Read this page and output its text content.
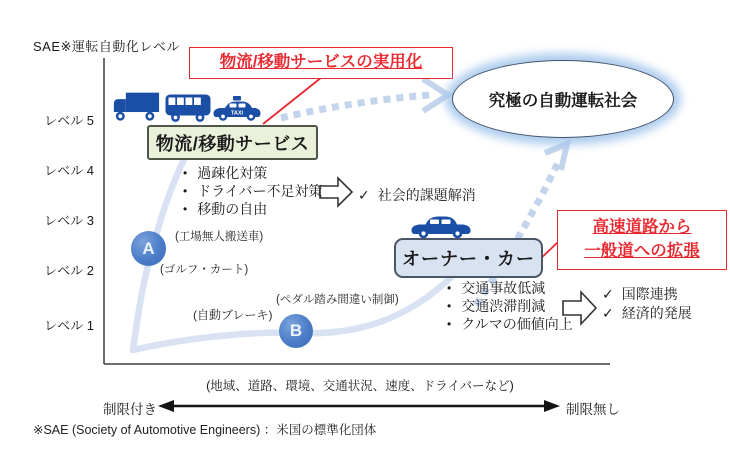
SAE※運転自動化レベル
レベル 5
レベル 4
レベル 3
レベル 2
レベル 1
TAXI
物流/移動サービスの実用化
究極の自動運転社会
物流/移動サービス
• 過疎化対策
• ドライバー不足対策
• 移動の自由
✓ 社会的課題解消
(工場無人搬送車)
A
(ゴルフ・カート)
(ペダル踏み間違い制御)
(自動ブレーキ)
B
オーナー・カー
高速道路から
一般道への拡張
• 交通事故低減
• 交通渋滞削減
• クルマの価値向上
✓ 国際連携
✓ 経済的発展
(地域、道路、環境、交通状況、速度、ドライバーなど)
制限付き	制限無し
※SAE (Society of Automotive Engineers) ：米国の標準化団体
